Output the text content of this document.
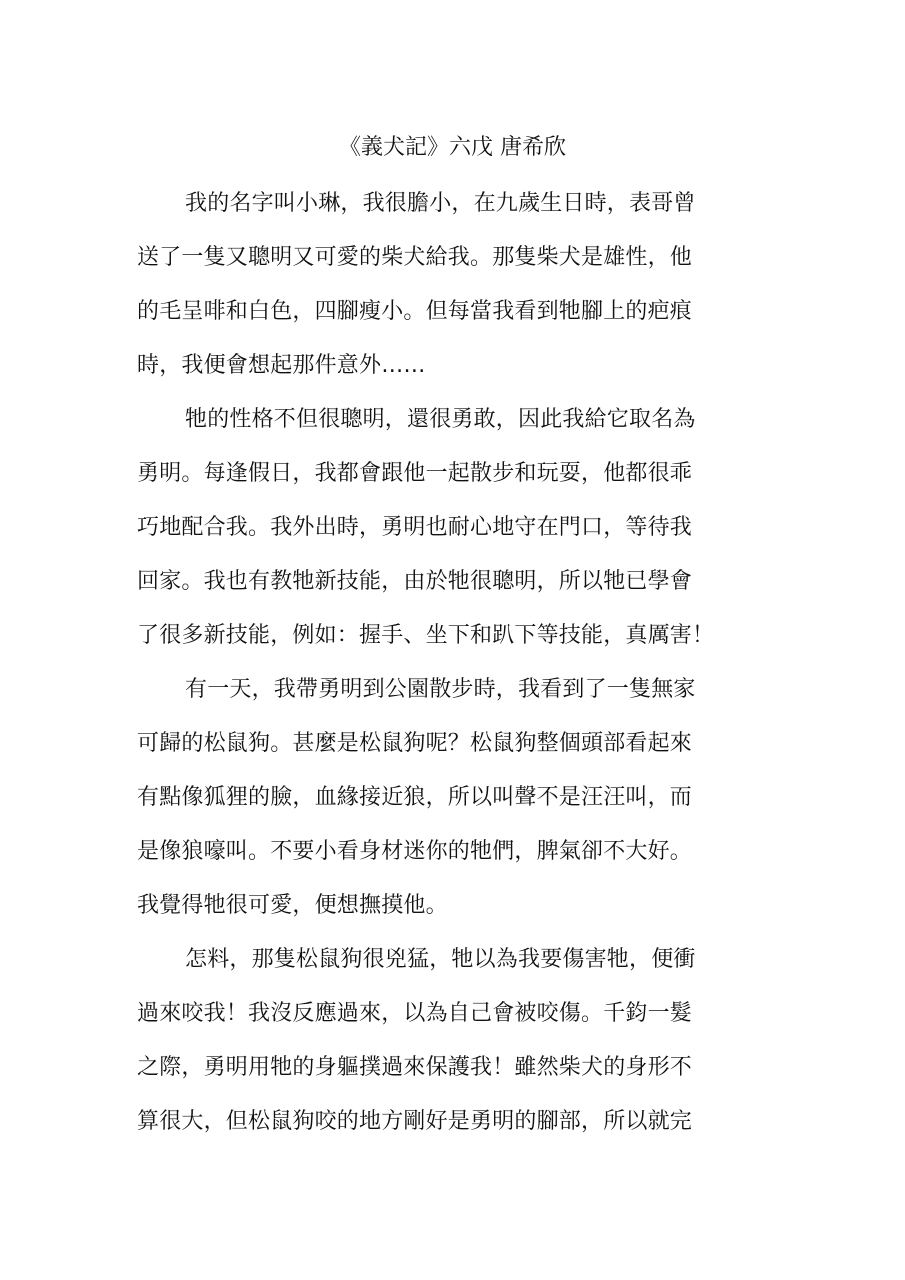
《義犬記》六戊 唐希欣
我的名字叫小琳，我很膽小，在九歲生日時，表哥曾
送了一隻又聰明又可愛的柴犬給我。那隻柴犬是雄性，他
的毛呈啡和白色，四腳瘦小。但每當我看到牠腳上的疤痕
時，我便會想起那件意外……
牠的性格不但很聰明，還很勇敢，因此我給它取名為
勇明。每逢假日，我都會跟他一起散步和玩耍，他都很乖
巧地配合我。我外出時，勇明也耐心地守在門口，等待我
回家。我也有教牠新技能，由於牠很聰明，所以牠已學會
了很多新技能，例如：握手、坐下和趴下等技能，真厲害！
有一天，我帶勇明到公園散步時，我看到了一隻無家
可歸的松鼠狗。甚麼是松鼠狗呢？松鼠狗整個頭部看起來
有點像狐狸的臉，血緣接近狼，所以叫聲不是汪汪叫，而
是像狼嚎叫。不要小看身材迷你的牠們，脾氣卻不大好。
我覺得牠很可愛，便想撫摸他。
怎料，那隻松鼠狗很兇猛，牠以為我要傷害牠，便衝
過來咬我！我沒反應過來，以為自己會被咬傷。千鈞一髮
之際，勇明用牠的身軀撲過來保護我！雖然柴犬的身形不
算很大，但松鼠狗咬的地方剛好是勇明的腳部，所以就完
